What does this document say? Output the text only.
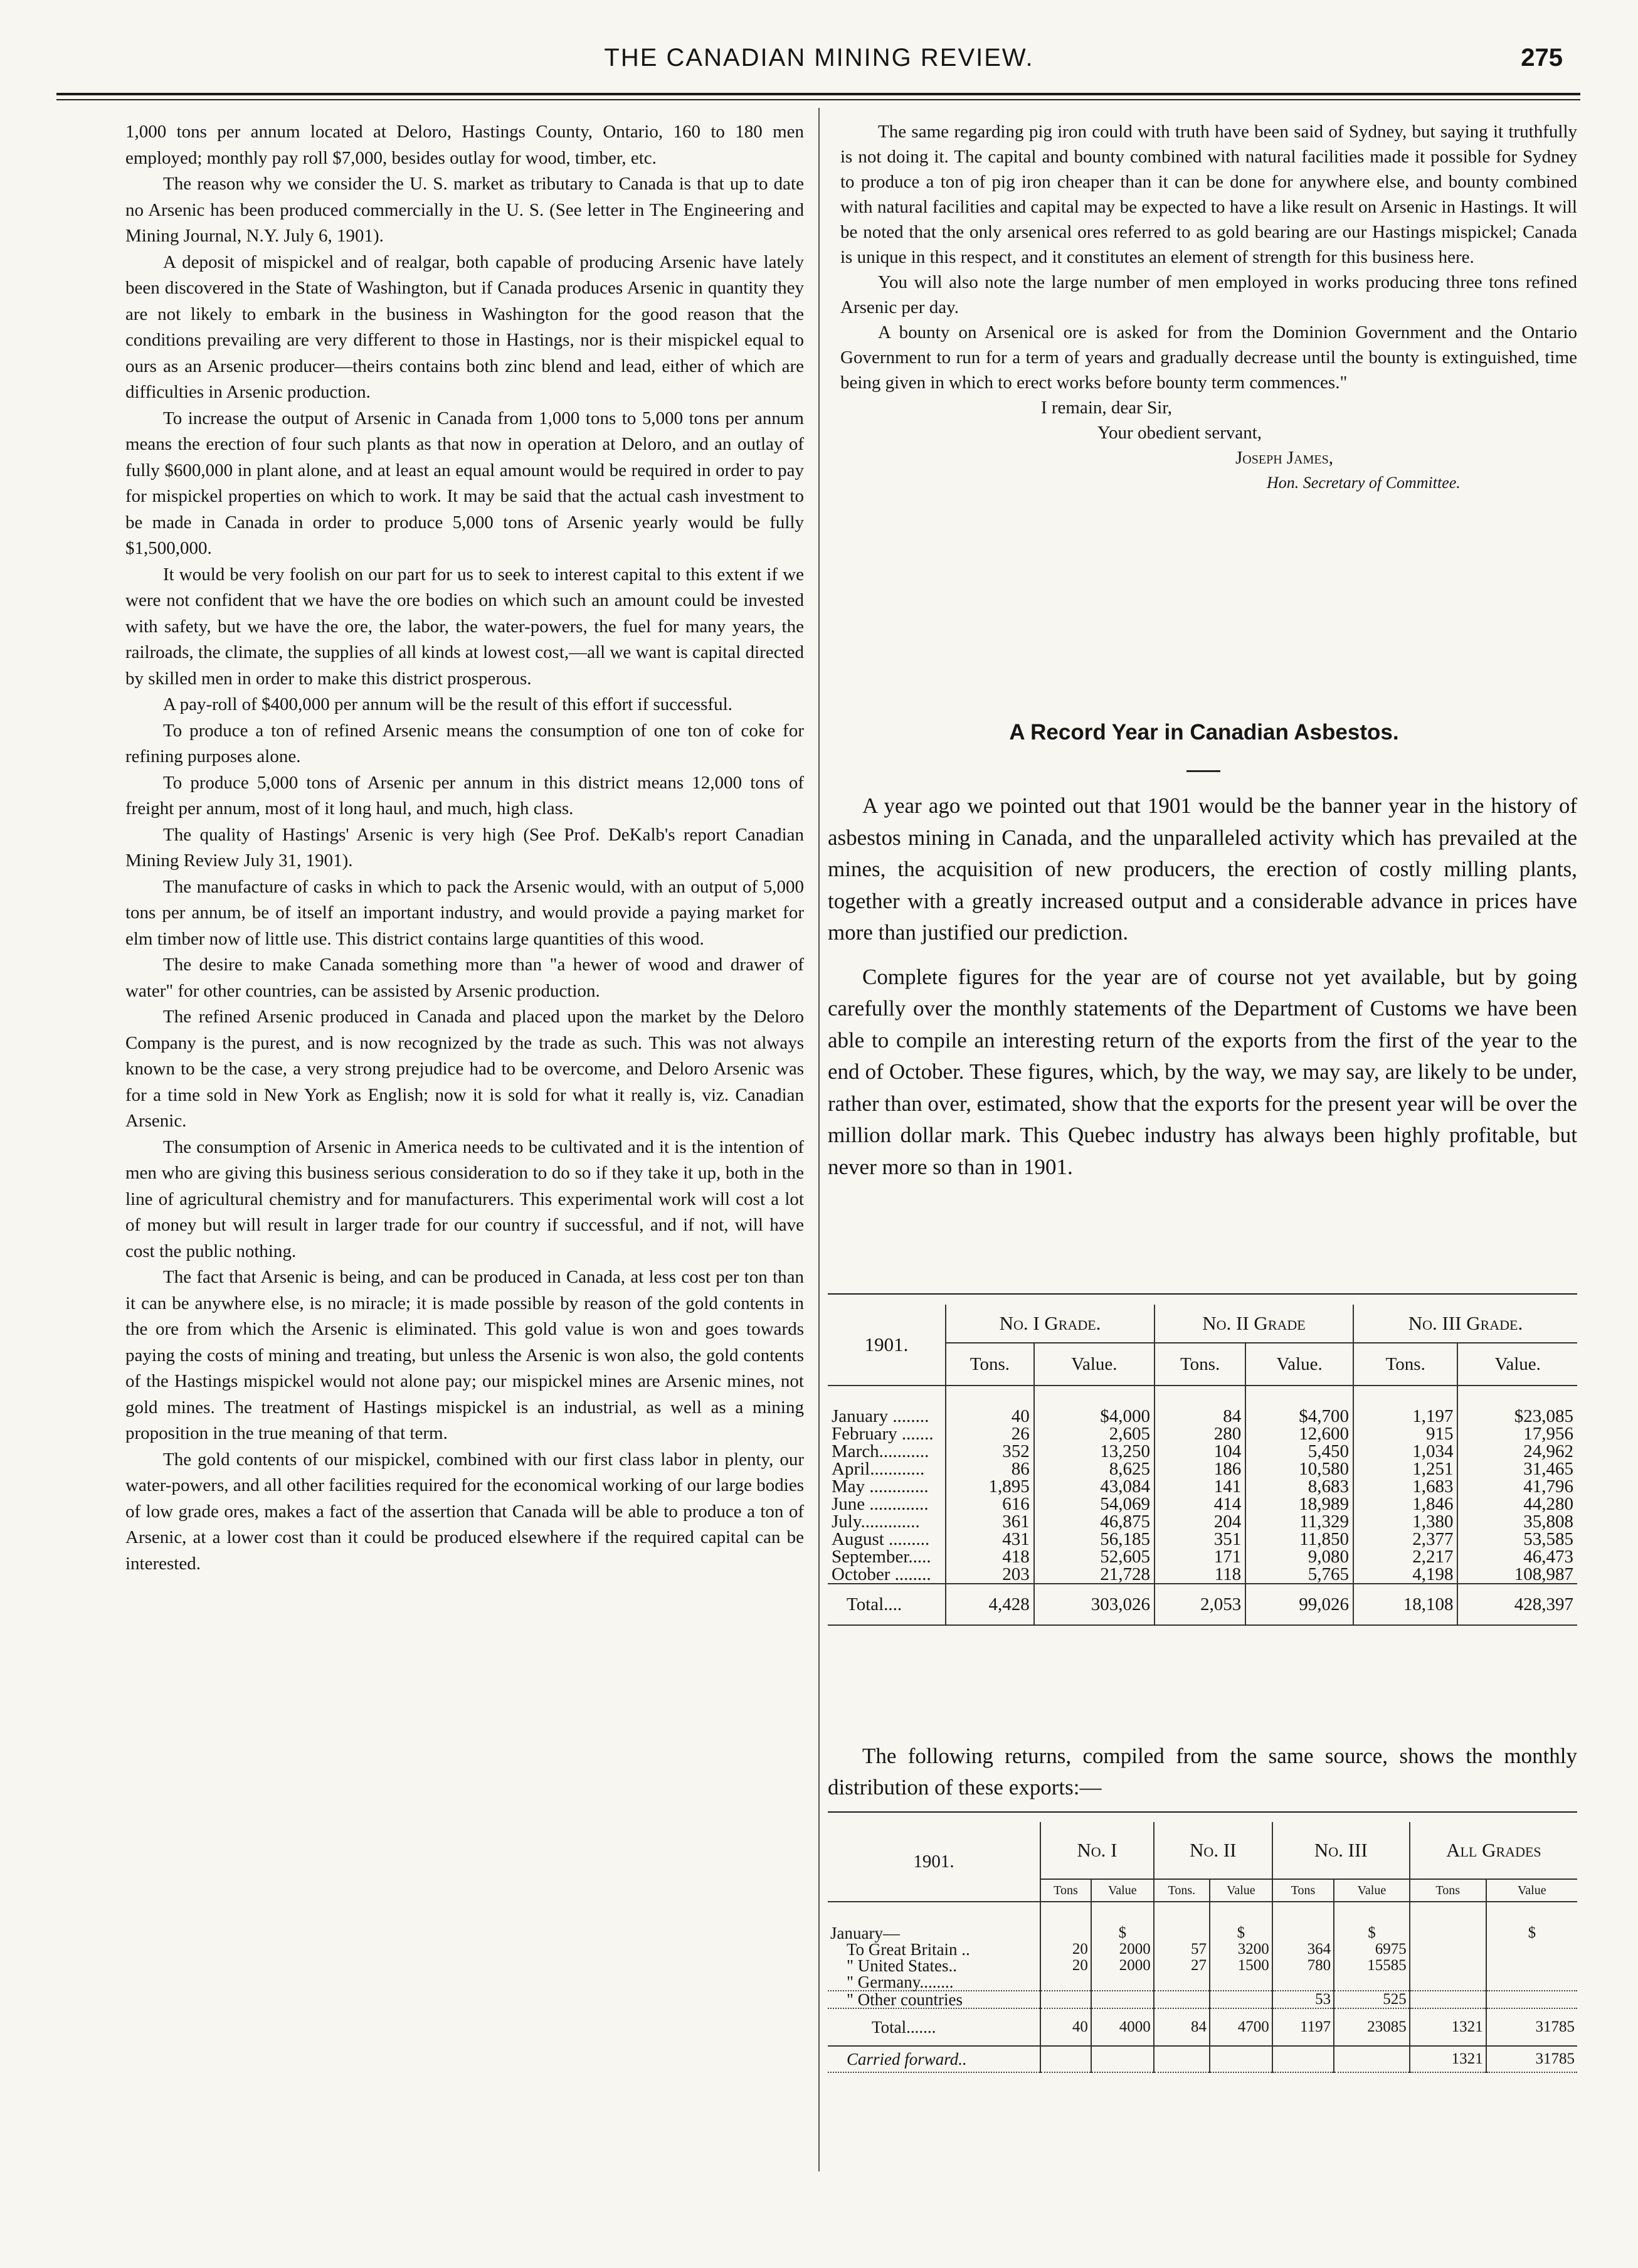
THE CANADIAN MINING REVIEW.	275

1,000 tons per annum located at Deloro, Hastings County, Ontario, 160 to 180 men employed; monthly pay roll $7,000, besides outlay for wood, timber, etc.

The reason why we consider the U. S. market as tributary to Canada is that up to date no Arsenic has been produced commercially in the U. S. (See letter in The Engineering and Mining Journal, N.Y. July 6, 1901).

A deposit of mispickel and of realgar, both capable of producing Arsenic have lately been discovered in the State of Washington, but if Canada produces Arsenic in quantity they are not likely to embark in the business in Washington for the good reason that the conditions prevailing are very different to those in Hastings, nor is their mispickel equal to ours as an Arsenic producer—theirs contains both zinc blend and lead, either of which are difficulties in Arsenic production.

To increase the output of Arsenic in Canada from 1,000 tons to 5,000 tons per annum means the erection of four such plants as that now in operation at Deloro, and an outlay of fully $600,000 in plant alone, and at least an equal amount would be required in order to pay for mispickel properties on which to work. It may be said that the actual cash investment to be made in Canada in order to produce 5,000 tons of Arsenic yearly would be fully $1,500,000.

It would be very foolish on our part for us to seek to interest capital to this extent if we were not confident that we have the ore bodies on which such an amount could be invested with safety, but we have the ore, the labor, the water-powers, the fuel for many years, the railroads, the climate, the supplies of all kinds at lowest cost,—all we want is capital directed by skilled men in order to make this district prosperous.

A pay-roll of $400,000 per annum will be the result of this effort if successful.

To produce a ton of refined Arsenic means the consumption of one ton of coke for refining purposes alone.

To produce 5,000 tons of Arsenic per annum in this district means 12,000 tons of freight per annum, most of it long haul, and much, high class.

The quality of Hastings' Arsenic is very high (See Prof. DeKalb's report Canadian Mining Review July 31, 1901).

The manufacture of casks in which to pack the Arsenic would, with an output of 5,000 tons per annum, be of itself an important industry, and would provide a paying market for elm timber now of little use. This district contains large quantities of this wood.

The desire to make Canada something more than "a hewer of wood and drawer of water" for other countries, can be assisted by Arsenic production.

The refined Arsenic produced in Canada and placed upon the market by the Deloro Company is the purest, and is now recognized by the trade as such. This was not always known to be the case, a very strong prejudice had to be overcome, and Deloro Arsenic was for a time sold in New York as English; now it is sold for what it really is, viz. Canadian Arsenic.

The consumption of Arsenic in America needs to be cultivated and it is the intention of men who are giving this business serious consideration to do so if they take it up, both in the line of agricultural chemistry and for manufacturers. This experimental work will cost a lot of money but will result in larger trade for our country if successful, and if not, will have cost the public nothing.

The fact that Arsenic is being, and can be produced in Canada, at less cost per ton than it can be anywhere else, is no miracle; it is made possible by reason of the gold contents in the ore from which the Arsenic is eliminated. This gold value is won and goes towards paying the costs of mining and treating, but unless the Arsenic is won also, the gold contents of the Hastings mispickel would not alone pay; our mispickel mines are Arsenic mines, not gold mines. The treatment of Hastings mispickel is an industrial, as well as a mining proposition in the true meaning of that term.

The gold contents of our mispickel, combined with our first class labor in plenty, our water-powers, and all other facilities required for the economical working of our large bodies of low grade ores, makes a fact of the assertion that Canada will be able to produce a ton of Arsenic, at a lower cost than it could be produced elsewhere if the required capital can be interested.

The same regarding pig iron could with truth have been said of Sydney, but saying it truthfully is not doing it. The capital and bounty combined with natural facilities made it possible for Sydney to produce a ton of pig iron cheaper than it can be done for anywhere else, and bounty combined with natural facilities and capital may be expected to have a like result on Arsenic in Hastings. It will be noted that the only arsenical ores referred to as gold bearing are our Hastings mispickel; Canada is unique in this respect, and it constitutes an element of strength for this business here.

You will also note the large number of men employed in works producing three tons refined Arsenic per day.

A bounty on Arsenical ore is asked for from the Dominion Government and the Ontario Government to run for a term of years and gradually decrease until the bounty is extinguished, time being given in which to erect works before bounty term commences."

I remain, dear Sir,
Your obedient servant,
Joseph James,
Hon. Secretary of Committee.
A Record Year in Canadian Asbestos.

A year ago we pointed out that 1901 would be the banner year in the history of asbestos mining in Canada, and the unparalleled activity which has prevailed at the mines, the acquisition of new producers, the erection of costly milling plants, together with a greatly increased output and a considerable advance in prices have more than justified our prediction.

Complete figures for the year are of course not yet available, but by going carefully over the monthly statements of the Department of Customs we have been able to compile an interesting return of the exports from the first of the year to the end of October. These figures, which, by the way, we may say, are likely to be under, rather than over, estimated, show that the exports for the present year will be over the million dollar mark. This Quebec industry has always been highly profitable, but never more so than in 1901.

1901.	No. I Grade.		No. II Grade		No. III Grade.	
	Tons.	Value.	Tons.	Value.	Tons.	Value.

January ........	40	$4,000	84	$4,700	1,197	$23,085
February .......	26	2,605	280	12,600	915	17,956
March...........	352	13,250	104	5,450	1,034	24,962
April............	86	8,625	186	10,580	1,251	31,465
May .............	1,895	43,084	141	8,683	1,683	41,796
June .............	616	54,069	414	18,989	1,846	44,280
July.............	361	46,875	204	11,329	1,380	35,808
August .........	431	56,185	351	11,850	2,377	53,585
September.....	418	52,605	171	9,080	2,217	46,473
October ........	203	21,728	118	5,765	4,198	108,987
Total....	4,428	303,026	2,053	99,026	18,108	428,397

The following returns, compiled from the same source, shows the monthly distribution of these exports:—

1901.	No. I		No. II		No. III		All Grades	
	Tons	Value	Tons.	Value	Tons	Value	Tons	Value

January—		$		$		$		$
To Great Britain ..	20	2000	57	3200	364	6975		
" United States..	20	2000	27	1500	780	15585		
" Germany........								
" Other countries					53	525		
Total.......	40	4000	84	4700	1197	23085	1321	31785
Carried forward..							1321	31785
